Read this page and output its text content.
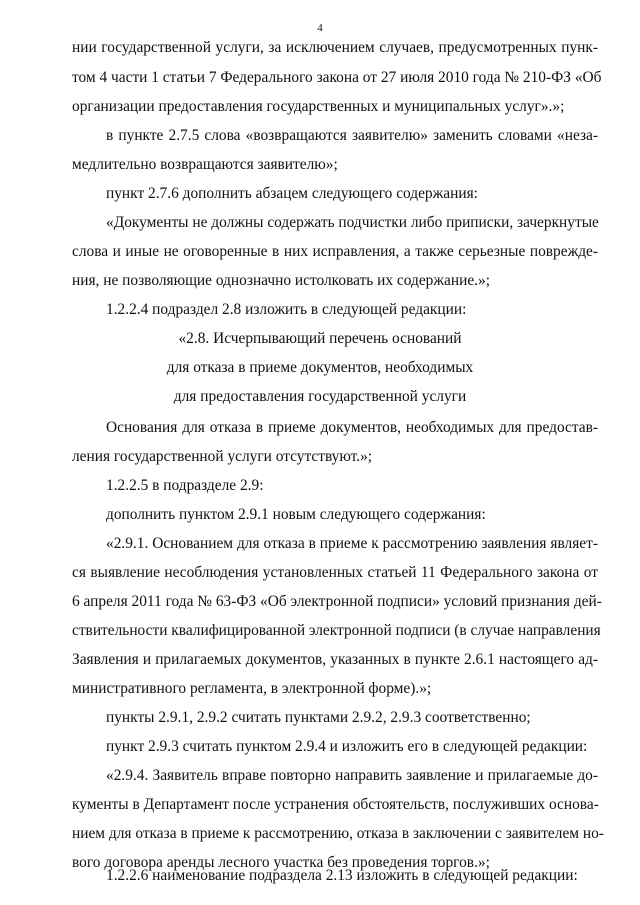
4
нии государственной услуги, за исключением случаев, предусмотренных пунк-
том 4 части 1 статьи 7 Федерального закона от 27 июля 2010 года № 210-ФЗ «Об
организации предоставления государственных и муниципальных услуг».»;
в пункте 2.7.5 слова «возвращаются заявителю» заменить словами «неза-
медлительно возвращаются заявителю»;
пункт 2.7.6 дополнить абзацем следующего содержания:
«Документы не должны содержать подчистки либо приписки, зачеркнутые
слова и иные не оговоренные в них исправления, а также серьезные поврежде-
ния, не позволяющие однозначно истолковать их содержание.»;
1.2.2.4 подраздел 2.8 изложить в следующей редакции:
«2.8. Исчерпывающий перечень оснований
для отказа в приеме документов, необходимых
для предоставления государственной услуги
Основания для отказа в приеме документов, необходимых для предостав-
ления государственной услуги отсутствуют.»;
1.2.2.5 в подразделе 2.9:
дополнить пунктом 2.9.1 новым следующего содержания:
«2.9.1. Основанием для отказа в приеме к рассмотрению заявления являет-
ся выявление несоблюдения установленных статьей 11 Федерального закона от
6 апреля 2011 года № 63-ФЗ «Об электронной подписи» условий признания дей-
ствительности квалифицированной электронной подписи (в случае направления
Заявления и прилагаемых документов, указанных в пункте 2.6.1 настоящего ад-
министративного регламента, в электронной форме).»;
пункты 2.9.1, 2.9.2 считать пунктами 2.9.2, 2.9.3 соответственно;
пункт 2.9.3 считать пунктом 2.9.4 и изложить его в следующей редакции:
«2.9.4. Заявитель вправе повторно направить заявление и прилагаемые до-
кументы в Департамент после устранения обстоятельств, послуживших основа-
нием для отказа в приеме к рассмотрению, отказа в заключении с заявителем но-
вого договора аренды лесного участка без проведения торгов.»;
1.2.2.6 наименование подраздела 2.13 изложить в следующей редакции:
